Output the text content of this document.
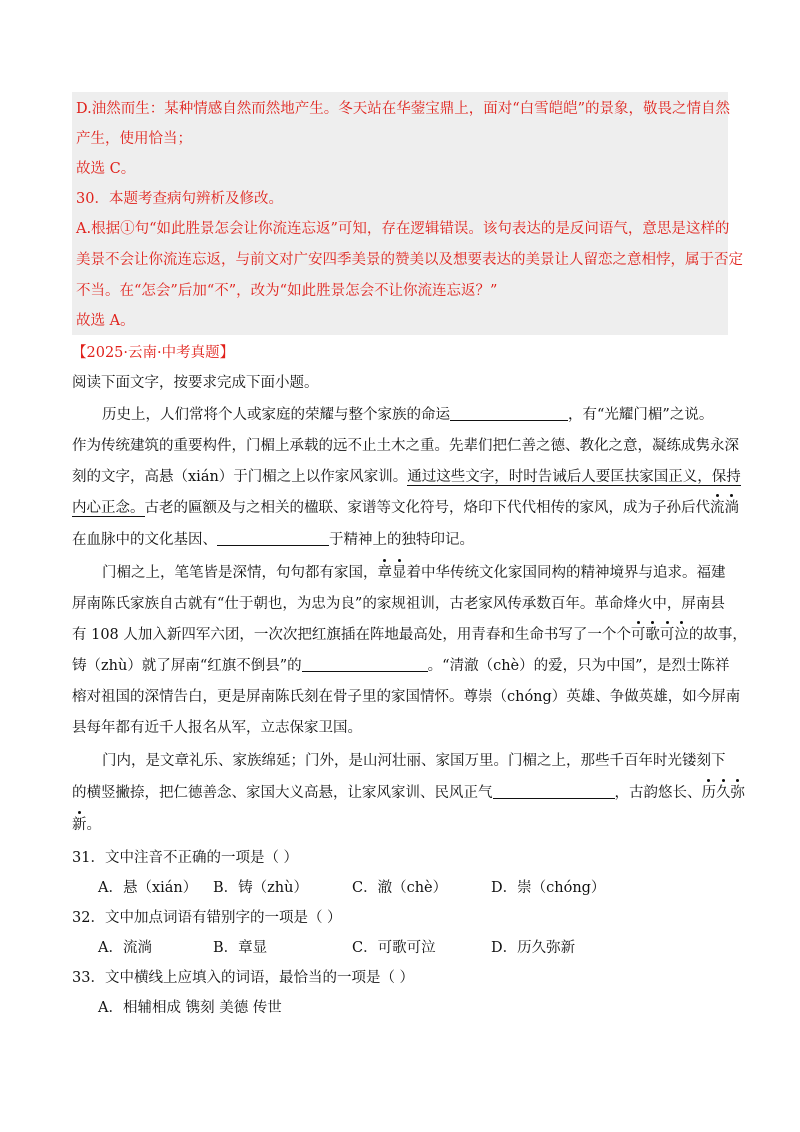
D.油然而生：某种情感自然而然地产生。冬天站在华蓥宝鼎上，面对“白雪皑皑”的景象，敬畏之情自然
产生，使用恰当；
故选 C。
30．本题考查病句辨析及修改。
A.根据①句“如此胜景怎会让你流连忘返”可知，存在逻辑错误。该句表达的是反问语气，意思是这样的
美景不会让你流连忘返，与前文对广安四季美景的赞美以及想要表达的美景让人留恋之意相悖，属于否定
不当。在“怎会”后加“不”，改为“如此胜景怎会不让你流连忘返？”
故选 A。
【2025·云南·中考真题】
阅读下面文字，按要求完成下面小题。
历史上，人们常将个人或家庭的荣耀与整个家族的命运	，有“光耀门楣”之说。
作为传统建筑的重要构件，门楣上承载的远不止土木之重。先辈们把仁善之德、教化之意，凝练成隽永深
刻的文字，高悬（xián）于门楣之上以作家风家训。通过这些文字，时时告诫后人要匡扶家国正义，保持
内心正念。古老的匾额及与之相关的楹联、家谱等文化符号，烙印下代代相传的家风，成为子孙后代流淌
在血脉中的文化基因、	于精神上的独特印记。
门楣之上，笔笔皆是深情，句句都有家国，章显着中华传统文化家国同构的精神境界与追求。福建
屏南陈氏家族自古就有“仕于朝也，为忠为良”的家规祖训，古老家风传承数百年。革命烽火中，屏南县
有 108 人加入新四军六团，一次次把红旗插在阵地最高处，用青春和生命书写了一个个可歌可泣的故事，
铸（zhù）就了屏南“红旗不倒县”的	。“清澈（chè）的爱，只为中国”，是烈士陈祥
榕对祖国的深情告白，更是屏南陈氏刻在骨子里的家国情怀。尊崇（chóng）英雄、争做英雄，如今屏南
县每年都有近千人报名从军，立志保家卫国。
门内，是文章礼乐、家族绵延；门外，是山河壮丽、家国万里。门楣之上，那些千百年时光镂刻下
的横竖撇捺，把仁德善念、家国大义高悬，让家风家训、民风正气	，古韵悠长、历久弥
新。
31．文中注音不正确的一项是（ ）
A．悬（xián） B．铸（zhù）	C．澈（chè）	D．崇（chóng）
32．文中加点词语有错别字的一项是（ ）
A．流淌	B．章显	C．可歌可泣	D．历久弥新
33．文中横线上应填入的词语，最恰当的一项是（ ）
A．相辅相成 镌刻 美德 传世
